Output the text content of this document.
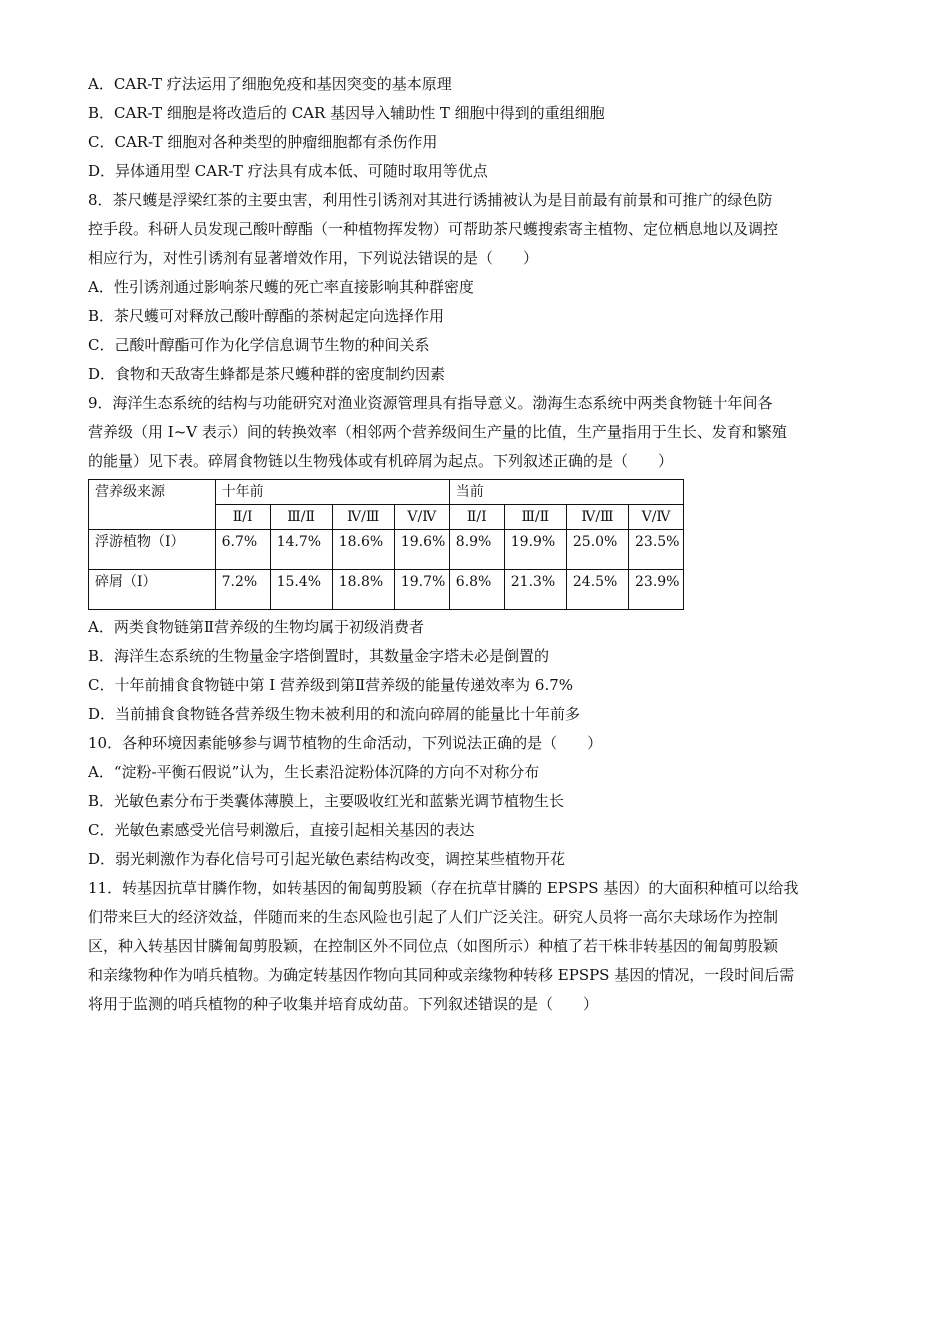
A．CAR-T 疗法运用了细胞免疫和基因突变的基本原理

B．CAR-T 细胞是将改造后的 CAR 基因导入辅助性 T 细胞中得到的重组细胞

C．CAR-T 细胞对各种类型的肿瘤细胞都有杀伤作用

D．异体通用型 CAR-T 疗法具有成本低、可随时取用等优点

8．茶尺蠖是浮梁红茶的主要虫害，利用性引诱剂对其进行诱捕被认为是目前最有前景和可推广的绿色防

控手段。科研人员发现己酸叶醇酯（一种植物挥发物）可帮助茶尺蠖搜索寄主植物、定位栖息地以及调控

相应行为，对性引诱剂有显著增效作用，下列说法错误的是（　　）

A．性引诱剂通过影响茶尺蠖的死亡率直接影响其种群密度

B．茶尺蠖可对释放己酸叶醇酯的茶树起定向选择作用

C．己酸叶醇酯可作为化学信息调节生物的种间关系

D．食物和天敌寄生蜂都是茶尺蠖种群的密度制约因素

9．海洋生态系统的结构与功能研究对渔业资源管理具有指导意义。渤海生态系统中两类食物链十年间各

营养级（用 I~V 表示）间的转换效率（相邻两个营养级间生产量的比值，生产量指用于生长、发育和繁殖

的能量）见下表。碎屑食物链以生物残体或有机碎屑为起点。下列叙述正确的是（　　）

营养级来源	十年前				当前			
	Ⅱ/Ⅰ	Ⅲ/Ⅱ	Ⅳ/Ⅲ	Ⅴ/Ⅳ	Ⅱ/Ⅰ	Ⅲ/Ⅱ	Ⅳ/Ⅲ	Ⅴ/Ⅳ
浮游植物（I）	6.7%	14.7%	18.6%	19.6%	8.9%	19.9%	25.0%	23.5%
碎屑（I）	7.2%	15.4%	18.8%	19.7%	6.8%	21.3%	24.5%	23.9%

A．两类食物链第Ⅱ营养级的生物均属于初级消费者

B．海洋生态系统的生物量金字塔倒置时，其数量金字塔未必是倒置的

C．十年前捕食食物链中第 I 营养级到第Ⅱ营养级的能量传递效率为 6.7%

D．当前捕食食物链各营养级生物未被利用的和流向碎屑的能量比十年前多

10．各种环境因素能够参与调节植物的生命活动，下列说法正确的是（　　）

A．“淀粉-平衡石假说”认为，生长素沿淀粉体沉降的方向不对称分布

B．光敏色素分布于类囊体薄膜上，主要吸收红光和蓝紫光调节植物生长

C．光敏色素感受光信号刺激后，直接引起相关基因的表达

D．弱光刺激作为春化信号可引起光敏色素结构改变，调控某些植物开花

11．转基因抗草甘膦作物，如转基因的匍匐剪股颖（存在抗草甘膦的 EPSPS 基因）的大面积种植可以给我

们带来巨大的经济效益，伴随而来的生态风险也引起了人们广泛关注。研究人员将一高尔夫球场作为控制

区，种入转基因甘膦匍匐剪股颖，在控制区外不同位点（如图所示）种植了若干株非转基因的匍匐剪股颖

和亲缘物种作为哨兵植物。为确定转基因作物向其同种或亲缘物种转移 EPSPS 基因的情况，一段时间后需

将用于监测的哨兵植物的种子收集并培育成幼苗。下列叙述错误的是（　　）
